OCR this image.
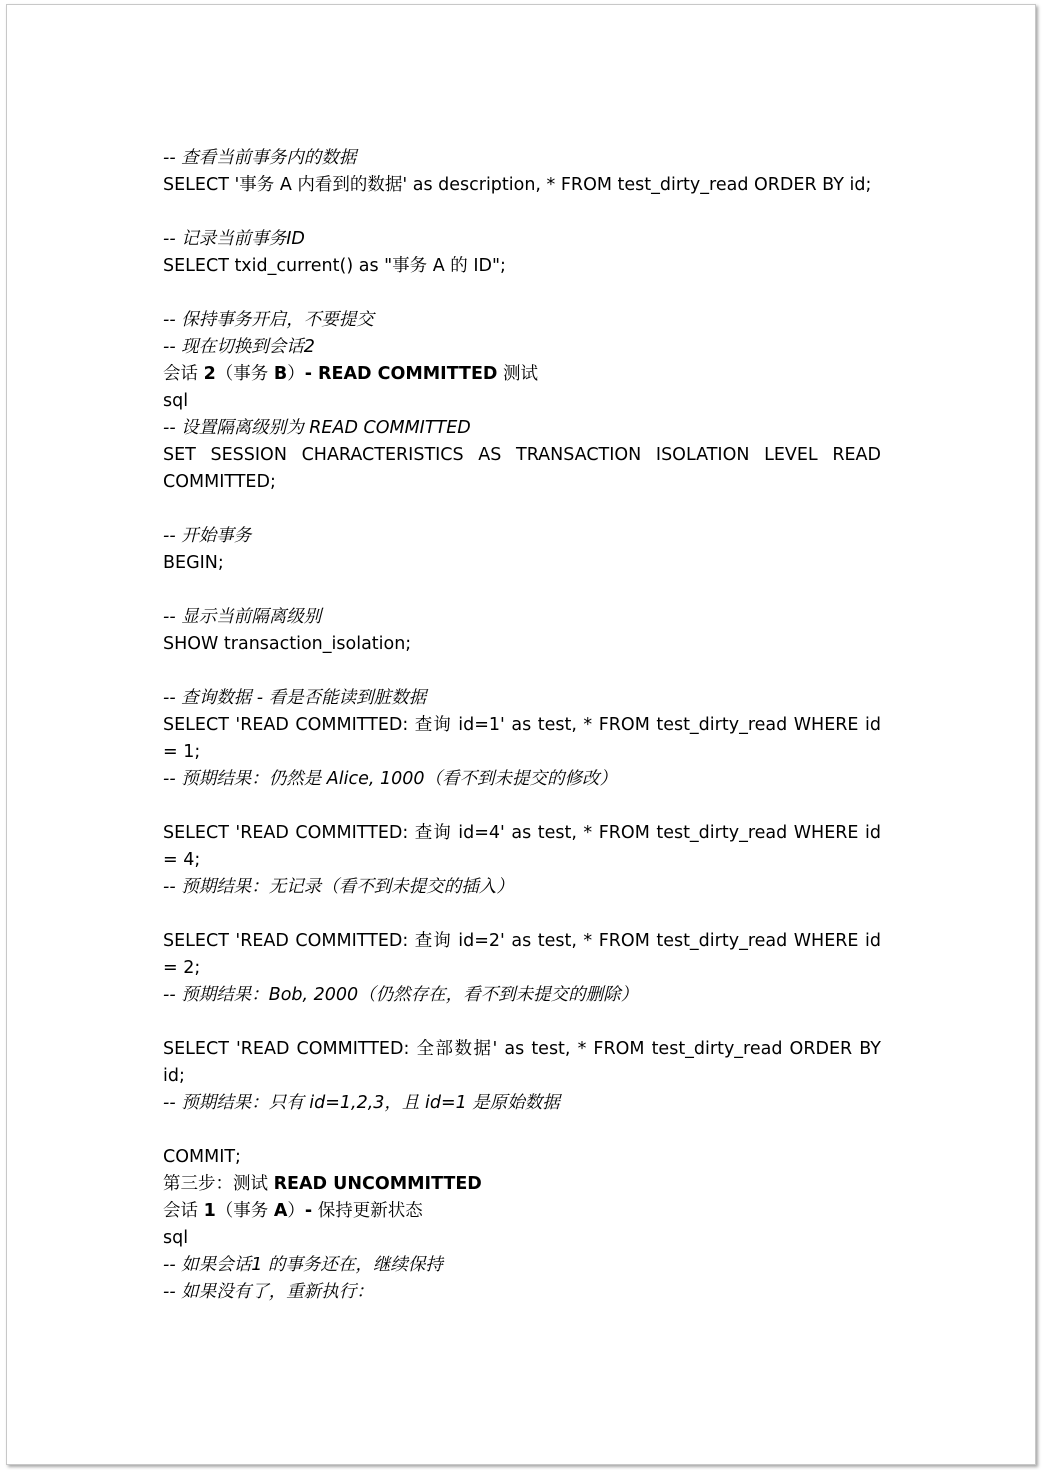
-- 查看当前事务内的数据
SELECT '事务 A 内看到的数据' as description, * FROM test_dirty_read ORDER BY id;
-- 记录当前事务ID
SELECT txid_current() as "事务 A 的 ID";
-- 保持事务开启，不要提交
-- 现在切换到会话2
会话 2（事务 B）- READ COMMITTED 测试
sql
-- 设置隔离级别为 READ COMMITTED
SET SESSION CHARACTERISTICS AS TRANSACTION ISOLATION LEVEL READ COMMITTED;
-- 开始事务
BEGIN;
-- 显示当前隔离级别
SHOW transaction_isolation;
-- 查询数据 - 看是否能读到脏数据
SELECT 'READ COMMITTED: 查询 id=1' as test, * FROM test_dirty_read WHERE id = 1;
-- 预期结果：仍然是 Alice, 1000（看不到未提交的修改）
SELECT 'READ COMMITTED: 查询 id=4' as test, * FROM test_dirty_read WHERE id = 4;
-- 预期结果：无记录（看不到未提交的插入）
SELECT 'READ COMMITTED: 查询 id=2' as test, * FROM test_dirty_read WHERE id = 2;
-- 预期结果：Bob, 2000（仍然存在，看不到未提交的删除）
SELECT 'READ COMMITTED: 全部数据' as test, * FROM test_dirty_read ORDER BY id;
-- 预期结果：只有 id=1,2,3，且 id=1 是原始数据
COMMIT;
第三步：测试 READ UNCOMMITTED
会话 1（事务 A）- 保持更新状态
sql
-- 如果会话1 的事务还在，继续保持
-- 如果没有了，重新执行：
